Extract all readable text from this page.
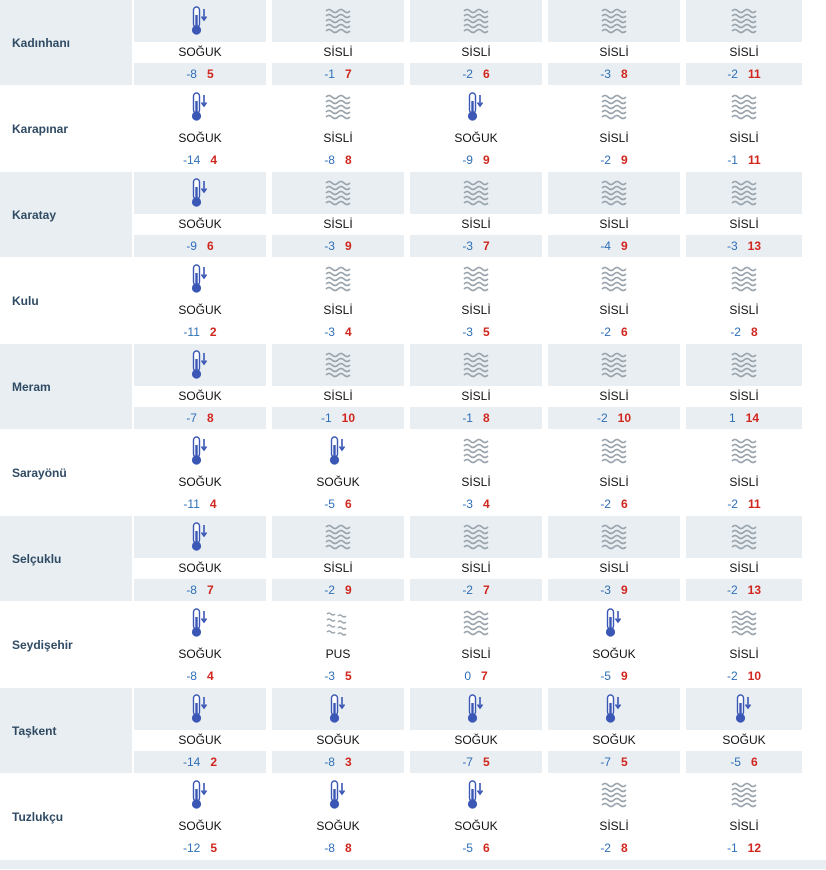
Kadınhanı
SOĞUK
-8 5
SİSLİ
-1 7
SİSLİ
-2 6
SİSLİ
-3 8
SİSLİ
-2 11
Karapınar
SOĞUK
-14 4
SİSLİ
-8 8
SOĞUK
-9 9
SİSLİ
-2 9
SİSLİ
-1 11
Karatay
SOĞUK
-9 6
SİSLİ
-3 9
SİSLİ
-3 7
SİSLİ
-4 9
SİSLİ
-3 13
Kulu
SOĞUK
-11 2
SİSLİ
-3 4
SİSLİ
-3 5
SİSLİ
-2 6
SİSLİ
-2 8
Meram
SOĞUK
-7 8
SİSLİ
-1 10
SİSLİ
-1 8
SİSLİ
-2 10
SİSLİ
1 14
Sarayönü
SOĞUK
-11 4
SOĞUK
-5 6
SİSLİ
-3 4
SİSLİ
-2 6
SİSLİ
-2 11
Selçuklu
SOĞUK
-8 7
SİSLİ
-2 9
SİSLİ
-2 7
SİSLİ
-3 9
SİSLİ
-2 13
Seydişehir
SOĞUK
-8 4
PUS
-3 5
SİSLİ
0 7
SOĞUK
-5 9
SİSLİ
-2 10
Taşkent
SOĞUK
-14 2
SOĞUK
-8 3
SOĞUK
-7 5
SOĞUK
-7 5
SOĞUK
-5 6
Tuzlukçu
SOĞUK
-12 5
SOĞUK
-8 8
SOĞUK
-5 6
SİSLİ
-2 8
SİSLİ
-1 12
